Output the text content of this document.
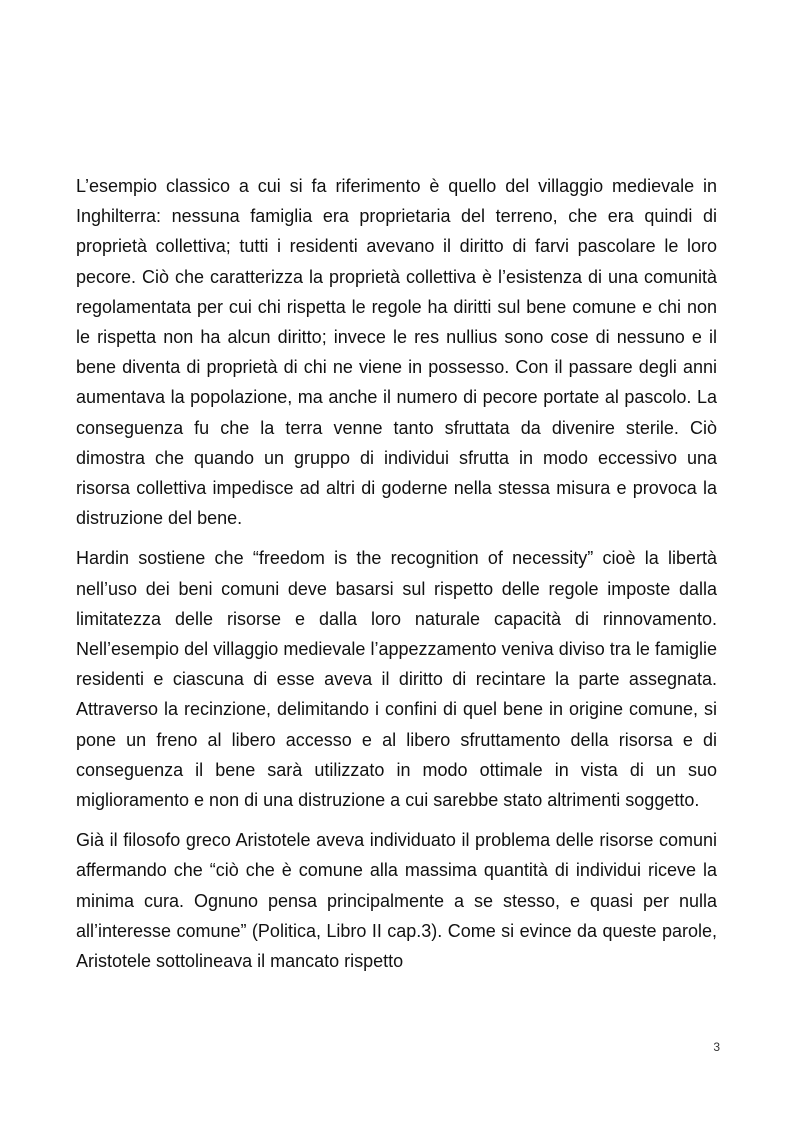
L’esempio classico a cui si fa riferimento è quello del villaggio medievale in Inghilterra: nessuna famiglia era proprietaria del terreno, che era quindi di proprietà collettiva; tutti i residenti avevano il diritto di farvi pascolare le loro pecore. Ciò che caratterizza la proprietà collettiva è l’esistenza di una comunità regolamentata per cui chi rispetta le regole ha diritti sul bene comune e chi non le rispetta non ha alcun diritto; invece le res nullius sono cose di nessuno e il bene diventa di proprietà di chi ne viene in possesso. Con il passare degli anni aumentava la popolazione, ma anche il numero di pecore portate al pascolo. La conseguenza fu che la terra venne tanto sfruttata da divenire sterile. Ciò dimostra che quando un gruppo di individui sfrutta in modo eccessivo una risorsa collettiva impedisce ad altri di goderne nella stessa misura e provoca la distruzione del bene.

Hardin sostiene che “freedom is the recognition of necessity” cioè la libertà nell’uso dei beni comuni deve basarsi sul rispetto delle regole imposte dalla limitatezza delle risorse e dalla loro naturale capacità di rinnovamento. Nell’esempio del villaggio medievale l’appezzamento veniva diviso tra le famiglie residenti e ciascuna di esse aveva il diritto di recintare la parte assegnata. Attraverso la recinzione, delimitando i confini di quel bene in origine comune, si pone un freno al libero accesso e al libero sfruttamento della risorsa e di conseguenza il bene sarà utilizzato in modo ottimale in vista di un suo miglioramento e non di una distruzione a cui sarebbe stato altrimenti soggetto.

Già il filosofo greco Aristotele aveva individuato il problema delle risorse comuni affermando che “ciò che è comune alla massima quantità di individui riceve la minima cura. Ognuno pensa principalmente a se stesso, e quasi per nulla all’interesse comune” (Politica, Libro II cap.3). Come si evince da queste parole, Aristotele sottolineava il mancato rispetto

3
